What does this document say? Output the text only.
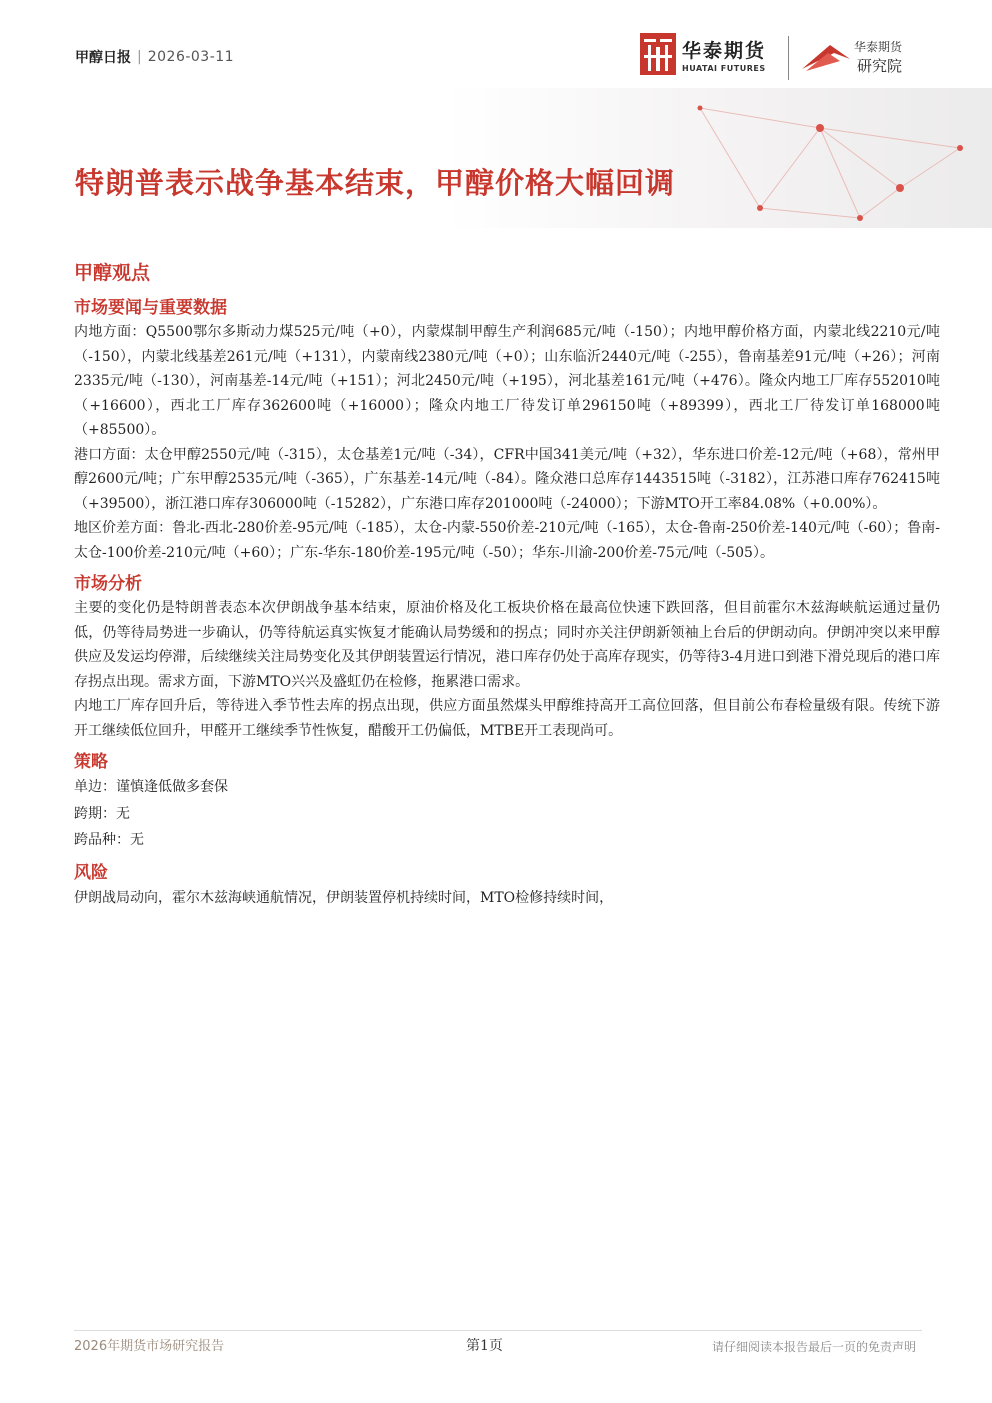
甲醇日报 | 2026-03-11	华泰期货
HUATAI FUTURES
华泰期货
研究院
特朗普表示战争基本结束，甲醇价格大幅回调
甲醇观点
市场要闻与重要数据

内地方面：Q5500鄂尔多斯动力煤525元/吨（+0），内蒙煤制甲醇生产利润685元/吨（-150）；内地甲醇价格方面，内蒙北线2210元/吨（-150），内蒙北线基差261元/吨（+131），内蒙南线2380元/吨（+0）；山东临沂2440元/吨（-255），鲁南基差91元/吨（+26）；河南2335元/吨（-130），河南基差-14元/吨（+151）；河北2450元/吨（+195），河北基差161元/吨（+476）。隆众内地工厂库存552010吨（+16600），西北工厂库存362600吨（+16000）；隆众内地工厂待发订单296150吨（+89399），西北工厂待发订单168000吨（+85500）。

港口方面：太仓甲醇2550元/吨（-315），太仓基差1元/吨（-34），CFR中国341美元/吨（+32），华东进口价差-12元/吨（+68），常州甲醇2600元/吨；广东甲醇2535元/吨（-365），广东基差-14元/吨（-84）。隆众港口总库存1443515吨（-3182），江苏港口库存762415吨（+39500），浙江港口库存306000吨（-15282），广东港口库存201000吨（-24000）；下游MTO开工率84.08%（+0.00%）。

地区价差方面：鲁北-西北-280价差-95元/吨（-185），太仓-内蒙-550价差-210元/吨（-165），太仓-鲁南-250价差-140元/吨（-60）；鲁南-太仓-100价差-210元/吨（+60）；广东-华东-180价差-195元/吨（-50）；华东-川渝-200价差-75元/吨（-505）。

市场分析

主要的变化仍是特朗普表态本次伊朗战争基本结束，原油价格及化工板块价格在最高位快速下跌回落，但目前霍尔木兹海峡航运通过量仍低，仍等待局势进一步确认，仍等待航运真实恢复才能确认局势缓和的拐点；同时亦关注伊朗新领袖上台后的伊朗动向。伊朗冲突以来甲醇供应及发运均停滞，后续继续关注局势变化及其伊朗装置运行情况，港口库存仍处于高库存现实，仍等待3-4月进口到港下滑兑现后的港口库存拐点出现。需求方面，下游MTO兴兴及盛虹仍在检修，拖累港口需求。

内地工厂库存回升后，等待进入季节性去库的拐点出现，供应方面虽然煤头甲醇维持高开工高位回落，但目前公布春检量级有限。传统下游开工继续低位回升，甲醛开工继续季节性恢复，醋酸开工仍偏低，MTBE开工表现尚可。

策略

单边：谨慎逢低做多套保

跨期：无

跨品种：无

风险

伊朗战局动向，霍尔木兹海峡通航情况，伊朗装置停机持续时间，MTO检修持续时间，

2026年期货市场研究报告	第1页	请仔细阅读本报告最后一页的免责声明
